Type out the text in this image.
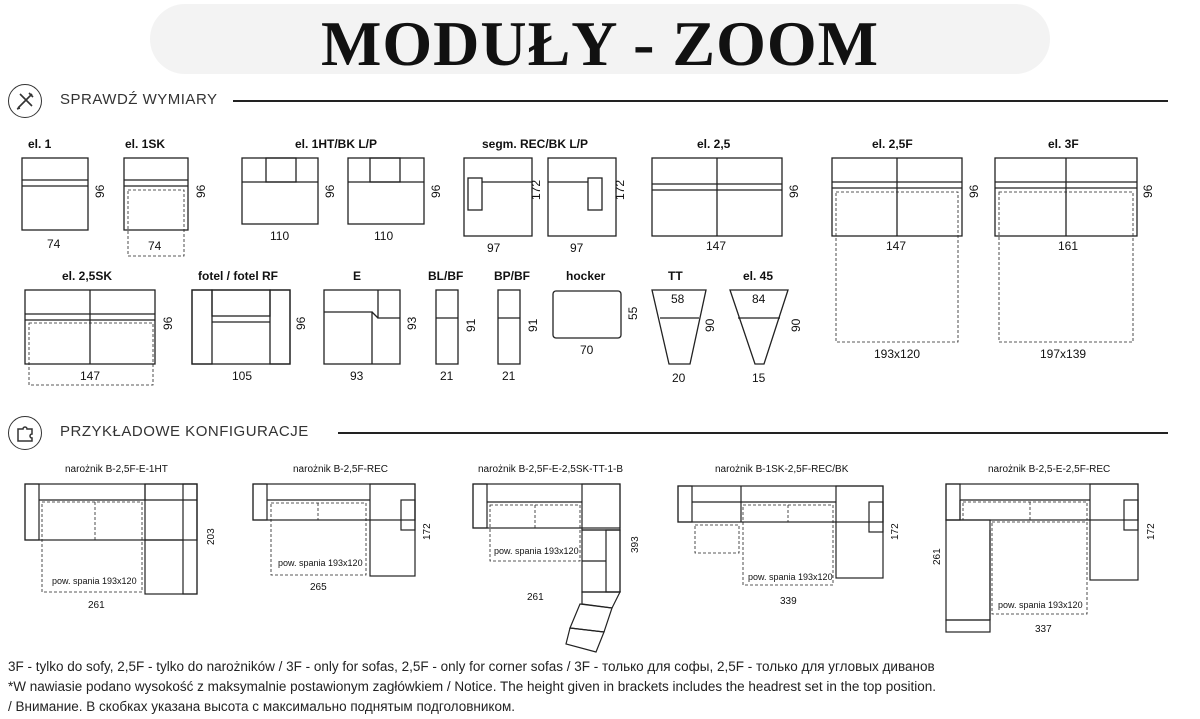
MODUŁY - ZOOM
SPRAWDŹ WYMIARY
PRZYKŁADOWE KONFIGURACJE
el. 1
74
96
el. 1SK
74
96
el. 1HT/BK L/P
110
96
110
96
segm. REC/BK L/P
97
172
97
172
el. 2,5
147
96
el. 2,5F
147
96
193x120
el. 3F
161
96
197x139
el. 2,5SK
147
96
fotel / fotel RF
105
96
E
93
93
BL/BF
21
91
BP/BF
21
91
hocker
70
55
TT
58
20
90
el. 45
84
15
90
narożnik B-2,5F-E-1HT
pow. spania 193x120
261
203
narożnik B-2,5F-REC
pow. spania 193x120
265
172
narożnik B-2,5F-E-2,5SK-TT-1-B
pow. spania 193x120
261
393
narożnik B-1SK-2,5F-REC/BK
pow. spania 193x120
339
172
narożnik B-2,5-E-2,5F-REC
pow. spania 193x120
337
261
172
3F - tylko do sofy, 2,5F - tylko do narożników / 3F - only for sofas, 2,5F - only for corner sofas / 3F - только для софы, 2,5F - только для угловых диванов
*W nawiasie podano wysokość z maksymalnie postawionym zagłówkiem / Notice. The height given in brackets includes the headrest set in the top position.
/ Внимание. В скобках указана высота с максимально поднятым подголовником.
